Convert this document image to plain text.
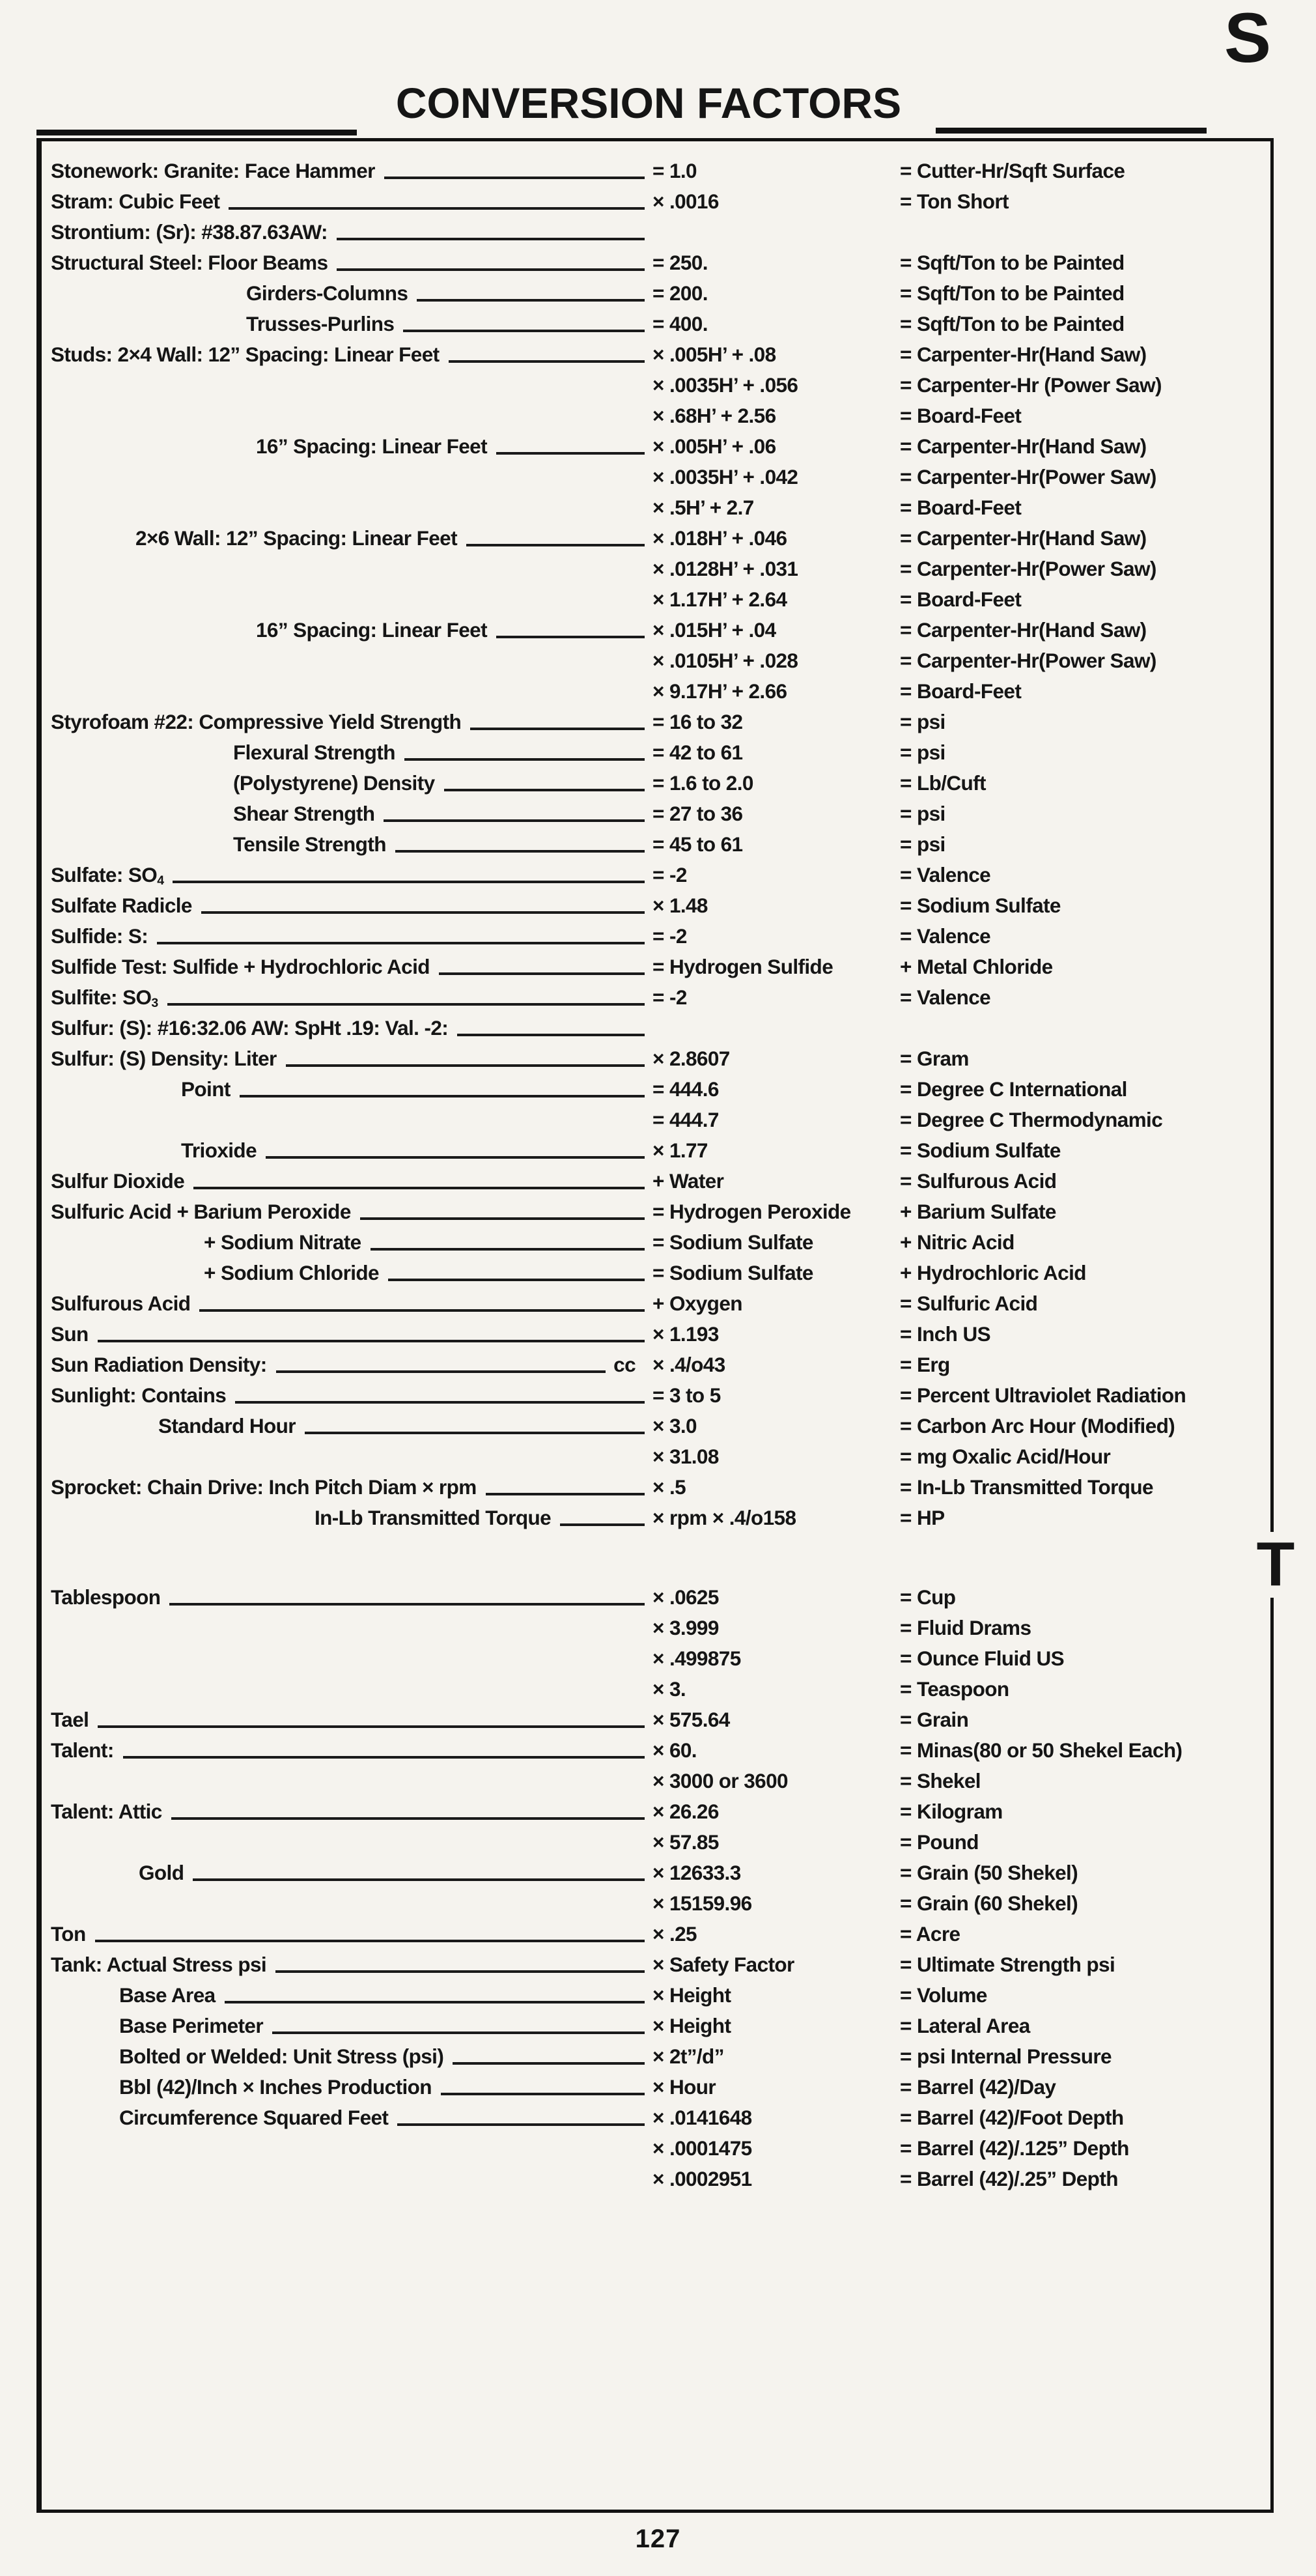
CONVERSION FACTORS
S
T
Stonework: Granite: Face Hammer	= 1.0	= Cutter-Hr/Sqft Surface
Stram: Cubic Feet	× .0016	= Ton Short
Strontium: (Sr): #38.87.63AW:
Structural Steel: Floor Beams	= 250.	= Sqft/Ton to be Painted
Girders-Columns	= 200.	= Sqft/Ton to be Painted
Trusses-Purlins	= 400.	= Sqft/Ton to be Painted
Studs: 2×4 Wall: 12” Spacing: Linear Feet	× .005H’ + .08	= Carpenter-Hr(Hand Saw)
× .0035H’ + .056	= Carpenter-Hr (Power Saw)
× .68H’ + 2.56	= Board-Feet
16” Spacing: Linear Feet	× .005H’ + .06	= Carpenter-Hr(Hand Saw)
× .0035H’ + .042	= Carpenter-Hr(Power Saw)
× .5H’ + 2.7	= Board-Feet
2×6 Wall: 12” Spacing: Linear Feet	× .018H’ + .046	= Carpenter-Hr(Hand Saw)
× .0128H’ + .031	= Carpenter-Hr(Power Saw)
× 1.17H’ + 2.64	= Board-Feet
16” Spacing: Linear Feet	× .015H’ + .04	= Carpenter-Hr(Hand Saw)
× .0105H’ + .028	= Carpenter-Hr(Power Saw)
× 9.17H’ + 2.66	= Board-Feet
Styrofoam #22: Compressive Yield Strength	= 16 to 32	= psi
Flexural Strength	= 42 to 61	= psi
(Polystyrene) Density	= 1.6 to 2.0	= Lb/Cuft
Shear Strength	= 27 to 36	= psi
Tensile Strength	= 45 to 61	= psi
Sulfate: SO4	= -2	= Valence
Sulfate Radicle	× 1.48	= Sodium Sulfate
Sulfide: S:	= -2	= Valence
Sulfide Test: Sulfide + Hydrochloric Acid	= Hydrogen Sulfide	+ Metal Chloride
Sulfite: SO3	= -2	= Valence
Sulfur: (S): #16:32.06 AW: SpHt .19: Val. -2:
Sulfur: (S) Density: Liter	× 2.8607	= Gram
Point	= 444.6	= Degree C International
= 444.7	= Degree C Thermodynamic
Trioxide	× 1.77	= Sodium Sulfate
Sulfur Dioxide	+ Water	= Sulfurous Acid
Sulfuric Acid + Barium Peroxide	= Hydrogen Peroxide	+ Barium Sulfate
+ Sodium Nitrate	= Sodium Sulfate	+ Nitric Acid
+ Sodium Chloride	= Sodium Sulfate	+ Hydrochloric Acid
Sulfurous Acid	+ Oxygen	= Sulfuric Acid
Sun	× 1.193	= Inch US
Sun Radiation Density:	cc × .4/o43	= Erg
Sunlight: Contains	= 3 to 5	= Percent Ultraviolet Radiation
Standard Hour	× 3.0	= Carbon Arc Hour (Modified)
× 31.08	= mg Oxalic Acid/Hour
Sprocket: Chain Drive: Inch Pitch Diam × rpm	× .5	= In-Lb Transmitted Torque
In-Lb Transmitted Torque	× rpm × .4/o158	= HP
Tablespoon	× .0625	= Cup
× 3.999	= Fluid Drams
× .499875	= Ounce Fluid US
× 3.	= Teaspoon
Tael	× 575.64	= Grain
Talent:	× 60.	= Minas(80 or 50 Shekel Each)
× 3000 or 3600	= Shekel
Talent: Attic	× 26.26	= Kilogram
× 57.85	= Pound
Gold	× 12633.3	= Grain (50 Shekel)
× 15159.96	= Grain (60 Shekel)
Ton	× .25	= Acre
Tank: Actual Stress psi	× Safety Factor	= Ultimate Strength psi
Base Area	× Height	= Volume
Base Perimeter	× Height	= Lateral Area
Bolted or Welded: Unit Stress (psi)	× 2t”/d”	= psi Internal Pressure
Bbl (42)/Inch × Inches Production	× Hour	= Barrel (42)/Day
Circumference Squared Feet	× .0141648	= Barrel (42)/Foot Depth
× .0001475	= Barrel (42)/.125” Depth
× .0002951	= Barrel (42)/.25” Depth
127
